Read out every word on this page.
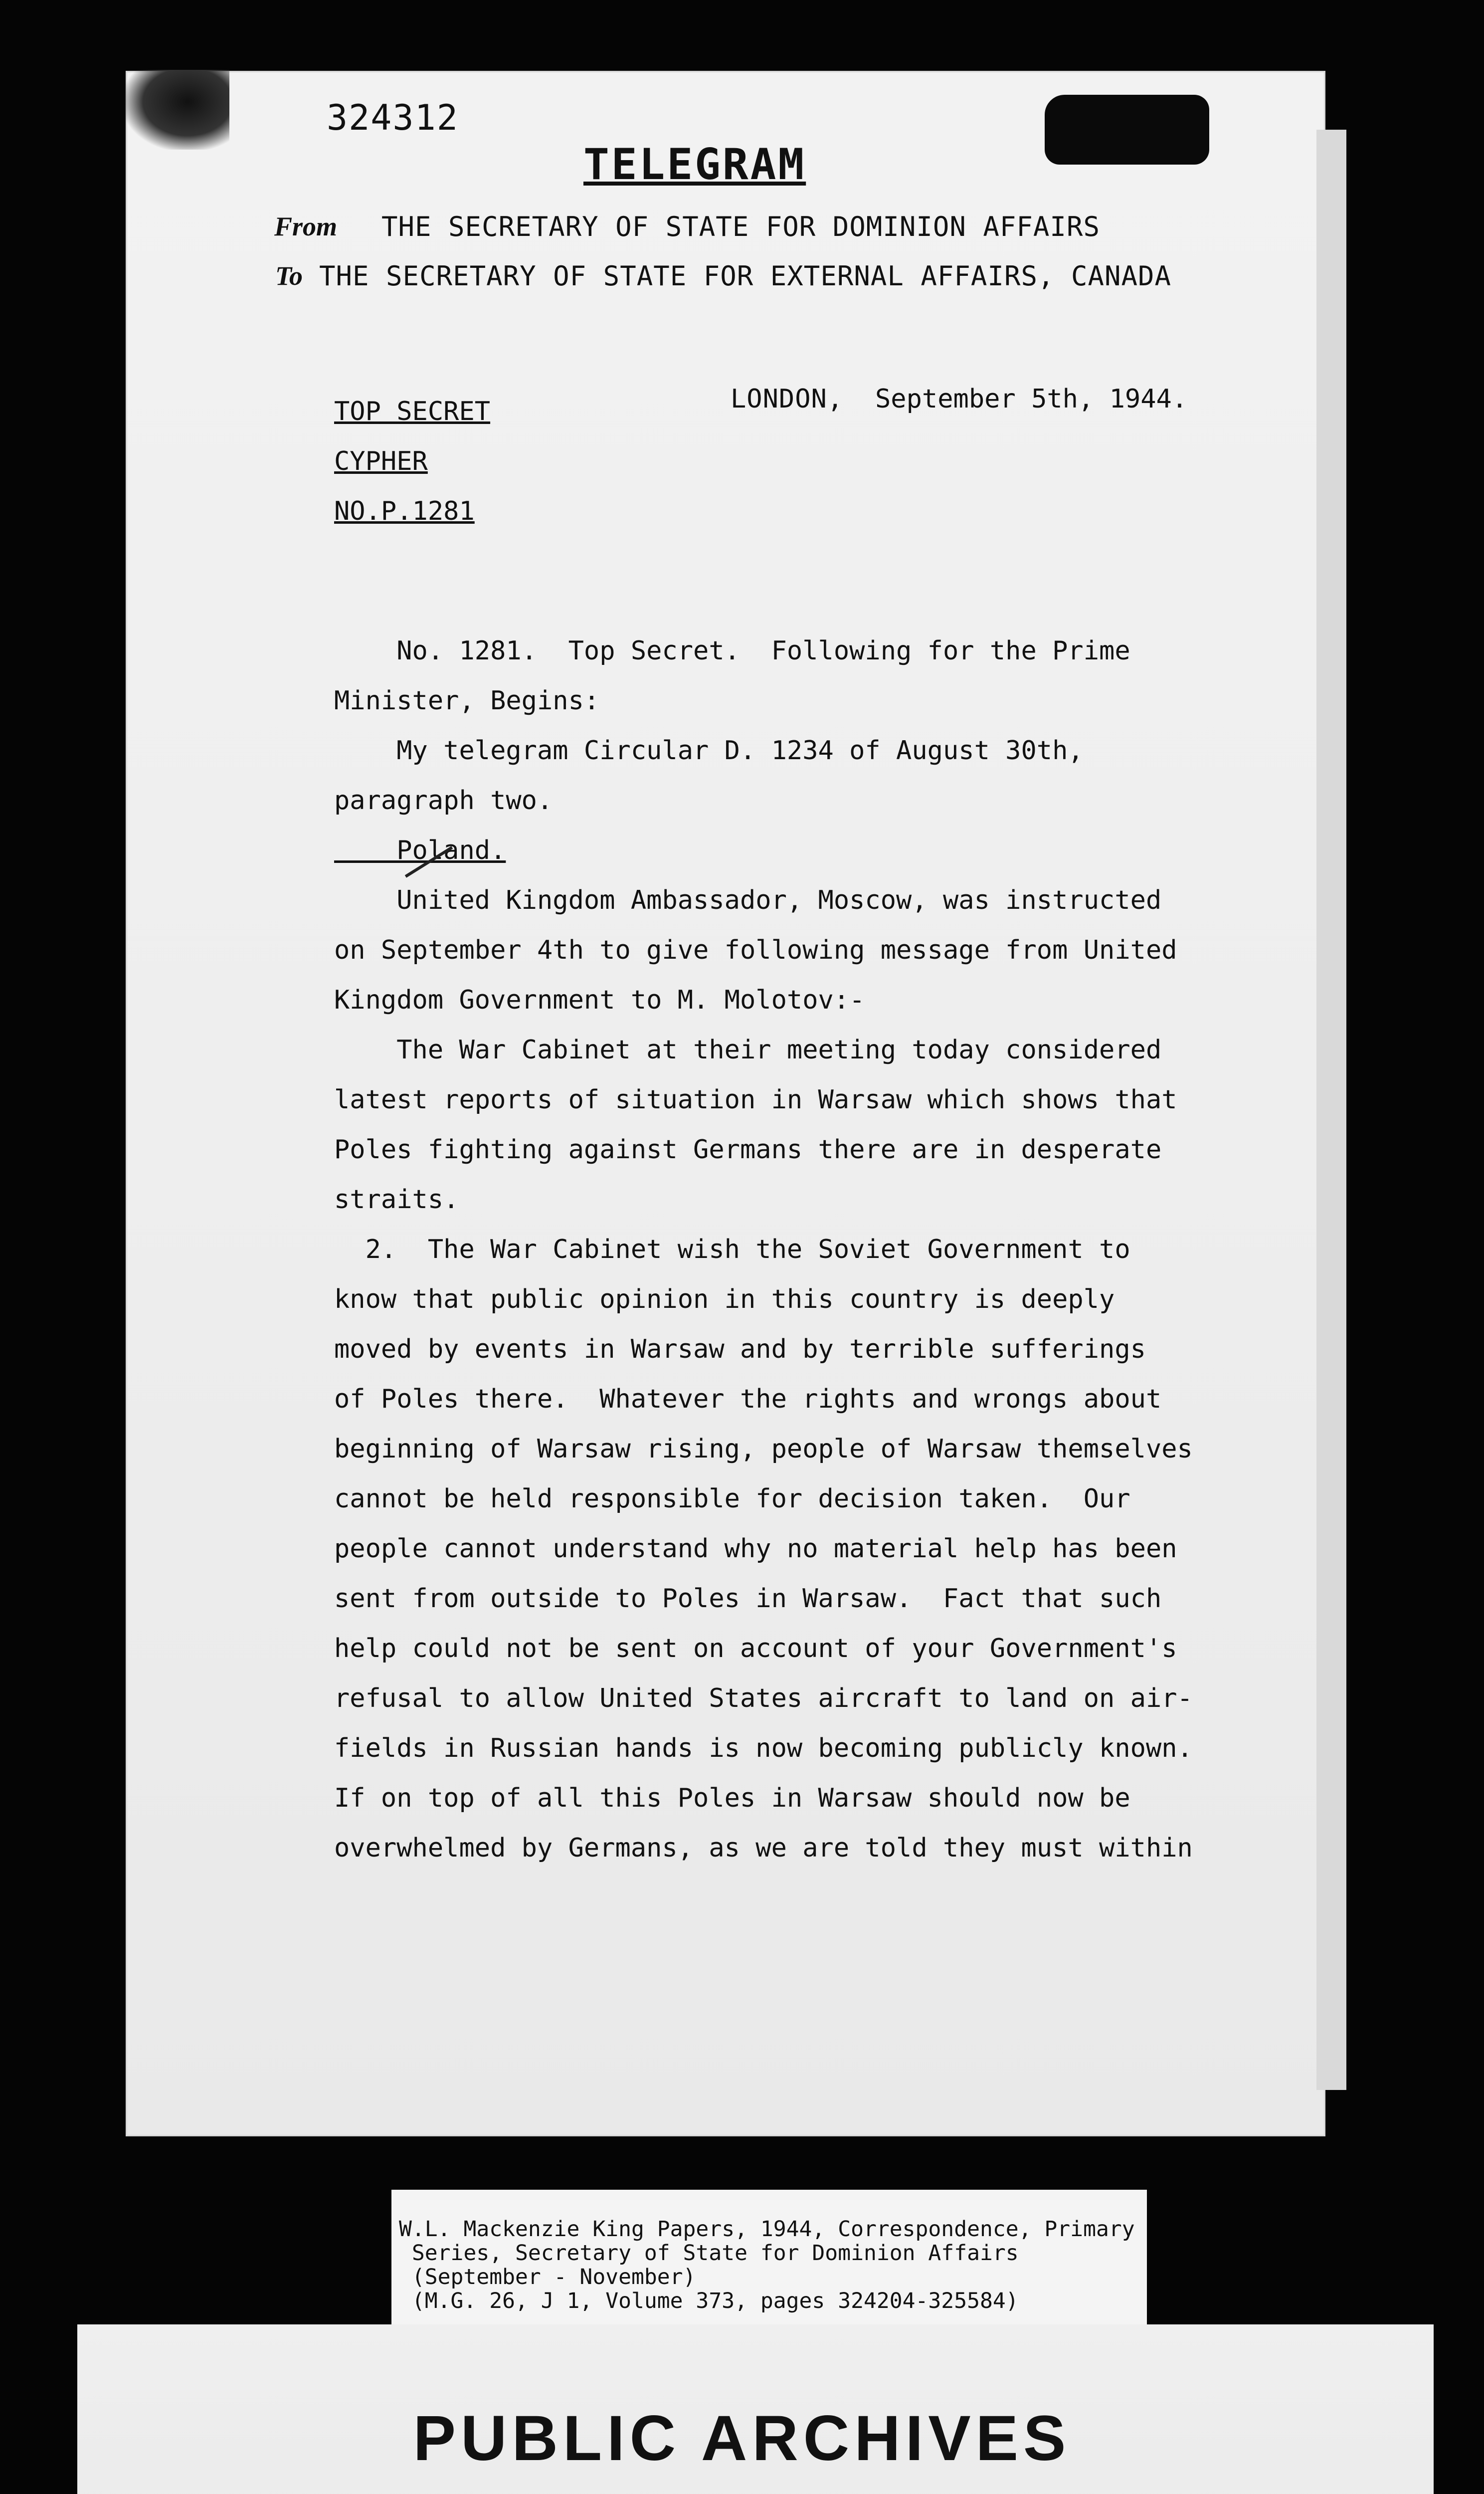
324312
TELEGRAM
From THE SECRETARY OF STATE FOR DOMINION AFFAIRS
To THE SECRETARY OF STATE FOR EXTERNAL AFFAIRS, CANADA
TOP SECRET
CYPHER
NO.P.1281
LONDON, September 5th, 1944.

No. 1281.  Top Secret.  Following for the Prime

Minister, Begins:

My telegram Circular D. 1234 of August 30th,

paragraph two.

Poland.

United Kingdom Ambassador, Moscow, was instructed

on September 4th to give following message from United

Kingdom Government to M. Molotov:-

The War Cabinet at their meeting today considered

latest reports of situation in Warsaw which shows that

Poles fighting against Germans there are in desperate

straits.

2.  The War Cabinet wish the Soviet Government to

know that public opinion in this country is deeply

moved by events in Warsaw and by terrible sufferings

of Poles there.  Whatever the rights and wrongs about

beginning of Warsaw rising, people of Warsaw themselves

cannot be held responsible for decision taken.  Our

people cannot understand why no material help has been

sent from outside to Poles in Warsaw.  Fact that such

help could not be sent on account of your Government's

refusal to allow United States aircraft to land on air-

fields in Russian hands is now becoming publicly known.

If on top of all this Poles in Warsaw should now be

overwhelmed by Germans, as we are told they must within

W.L. Mackenzie King Papers, 1944, Correspondence, Primary
Series, Secretary of State for Dominion Affairs
(September - November)
(M.G. 26, J 1, Volume 373, pages 324204-325584)
PUBLIC ARCHIVES
